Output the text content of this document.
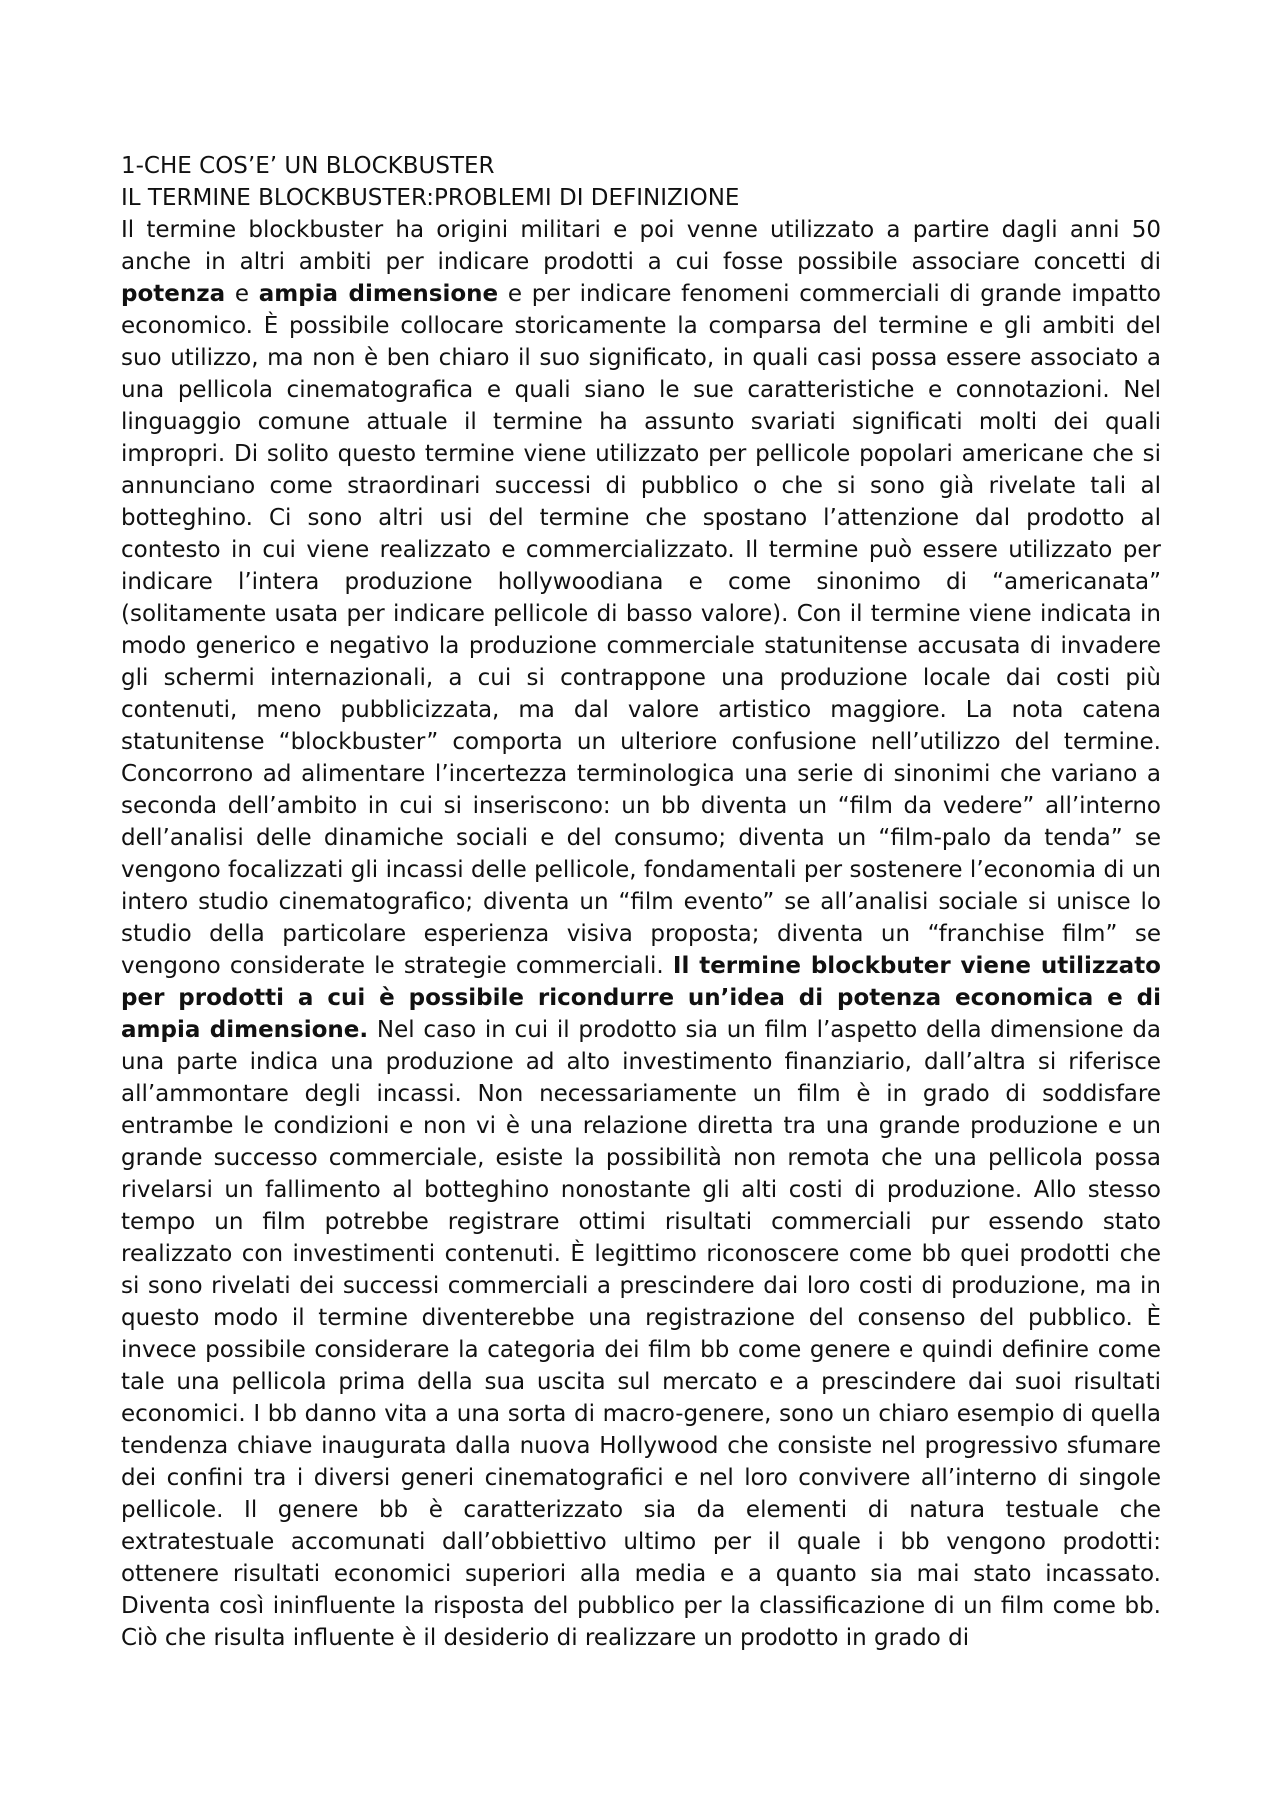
1-CHE COS’E’ UN BLOCKBUSTER

IL TERMINE BLOCKBUSTER:PROBLEMI DI DEFINIZIONE

Il termine blockbuster ha origini militari e poi venne utilizzato a partire dagli anni 50 anche in altri ambiti per indicare prodotti a cui fosse possibile associare concetti di potenza e ampia dimensione e per indicare fenomeni commerciali di grande impatto economico. È possibile collocare storicamente la comparsa del termine e gli ambiti del suo utilizzo, ma non è ben chiaro il suo significato, in quali casi possa essere associato a una pellicola cinematografica e quali siano le sue caratteristiche e connotazioni. Nel linguaggio comune attuale il termine ha assunto svariati significati molti dei quali impropri. Di solito questo termine viene utilizzato per pellicole popolari americane che si annunciano come straordinari successi di pubblico o che si sono già rivelate tali al botteghino. Ci sono altri usi del termine che spostano l’attenzione dal prodotto al contesto in cui viene realizzato e commercializzato. Il termine può essere utilizzato per indicare l’intera produzione hollywoodiana e come sinonimo di “americanata” (solitamente usata per indicare pellicole di basso valore). Con il termine viene indicata in modo generico e negativo la produzione commerciale statunitense accusata di invadere gli schermi internazionali, a cui si contrappone una produzione locale dai costi più contenuti, meno pubblicizzata, ma dal valore artistico maggiore. La nota catena statunitense “blockbuster” comporta un ulteriore confusione nell’utilizzo del termine. Concorrono ad alimentare l’incertezza terminologica una serie di sinonimi che variano a seconda dell’ambito in cui si inseriscono: un bb diventa un “film da vedere” all’interno dell’analisi delle dinamiche sociali e del consumo; diventa un “film-palo da tenda” se vengono focalizzati gli incassi delle pellicole, fondamentali per sostenere l’economia di un intero studio cinematografico; diventa un “film evento” se all’analisi sociale si unisce lo studio della particolare esperienza visiva proposta; diventa un “franchise film” se vengono considerate le strategie commerciali. Il termine blockbuter viene utilizzato per prodotti a cui è possibile ricondurre un’idea di potenza economica e di ampia dimensione. Nel caso in cui il prodotto sia un film l’aspetto della dimensione da una parte indica una produzione ad alto investimento finanziario, dall’altra si riferisce all’ammontare degli incassi. Non necessariamente un film è in grado di soddisfare entrambe le condizioni e non vi è una relazione diretta tra una grande produzione e un grande successo commerciale, esiste la possibilità non remota che una pellicola possa rivelarsi un fallimento al botteghino nonostante gli alti costi di produzione. Allo stesso tempo un film potrebbe registrare ottimi risultati commerciali pur essendo stato realizzato con investimenti contenuti. È legittimo riconoscere come bb quei prodotti che si sono rivelati dei successi commerciali a prescindere dai loro costi di produzione, ma in questo modo il termine diventerebbe una registrazione del consenso del pubblico. È invece possibile considerare la categoria dei film bb come genere e quindi definire come tale una pellicola prima della sua uscita sul mercato e a prescindere dai suoi risultati economici. I bb danno vita a una sorta di macro-genere, sono un chiaro esempio di quella tendenza chiave inaugurata dalla nuova Hollywood che consiste nel progressivo sfumare dei confini tra i diversi generi cinematografici e nel loro convivere all’interno di singole pellicole. Il genere bb è caratterizzato sia da elementi di natura testuale che extratestuale accomunati dall’obbiettivo ultimo per il quale i bb vengono prodotti: ottenere risultati economici superiori alla media e a quanto sia mai stato incassato. Diventa così ininfluente la risposta del pubblico per la classificazione di un film come bb. Ciò che risulta influente è il desiderio di realizzare un prodotto in grado di
